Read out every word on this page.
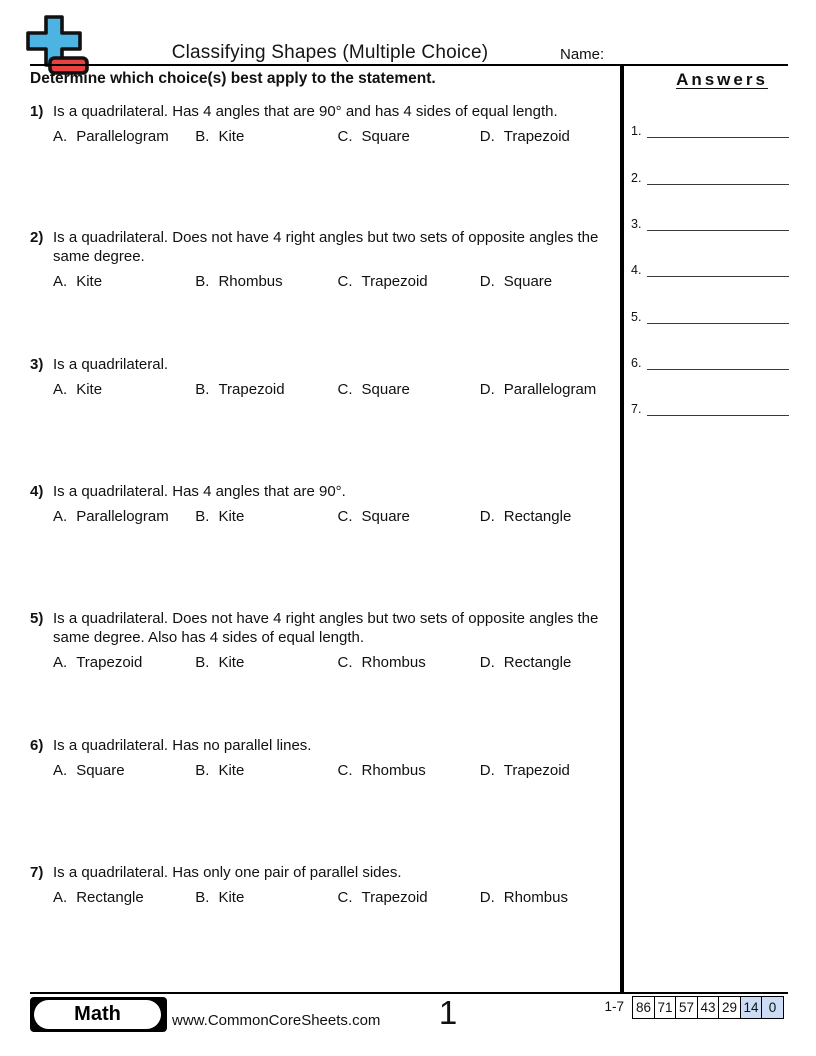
Classifying Shapes (Multiple Choice)	Name:
Determine which choice(s) best apply to the statement.
1) Is a quadrilateral. Has 4 angles that are 90° and has 4 sides of equal length.
A. Parallelogram B. Kite	C. Square	D. Trapezoid
2) Is a quadrilateral. Does not have 4 right angles but two sets of opposite angles the same degree.
A. Kite	B. Rhombus	C. Trapezoid	D. Square
3) Is a quadrilateral.
A. Kite	B. Trapezoid	C. Square	D. Parallelogram
4) Is a quadrilateral. Has 4 angles that are 90°.
A. Parallelogram B. Kite	C. Square	D. Rectangle
5) Is a quadrilateral. Does not have 4 right angles but two sets of opposite angles the same degree. Also has 4 sides of equal length.
A. Trapezoid	B. Kite	C. Rhombus	D. Rectangle
6) Is a quadrilateral. Has no parallel lines.
A. Square	B. Kite	C. Rhombus	D. Trapezoid
7) Is a quadrilateral. Has only one pair of parallel sides.
A. Rectangle	B. Kite	C. Trapezoid	D. Rhombus
Answers
1.
2.
3.
4.
5.
6.
7.
Math	www.CommonCoreSheets.com	1	1-7 86 71 57 43 29 14 0
